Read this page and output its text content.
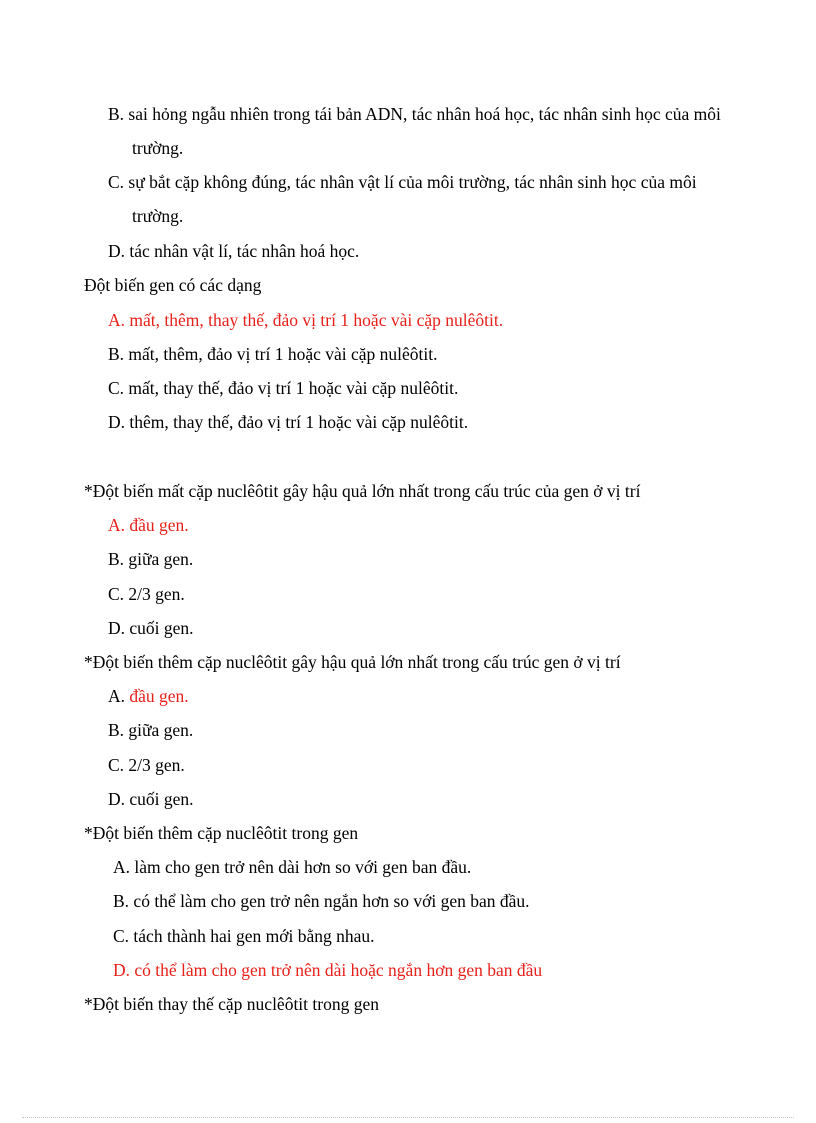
B. sai hỏng ngẫu nhiên trong tái bản ADN, tác nhân hoá học, tác nhân sinh học của môi
trường.
C. sự bắt cặp không đúng, tác nhân vật lí của môi trường, tác nhân sinh học của môi
trường.
D. tác nhân vật lí, tác nhân hoá học.
Đột biến gen có các dạng
A. mất, thêm, thay thế, đảo vị trí 1 hoặc vài cặp nulêôtit.
B. mất, thêm, đảo vị trí 1 hoặc vài cặp nulêôtit.
C. mất, thay thế, đảo vị trí 1 hoặc vài cặp nulêôtit.
D. thêm, thay thế, đảo vị trí 1 hoặc vài cặp nulêôtit.
*Đột biến mất cặp nuclêôtit gây hậu quả lớn nhất trong cấu trúc của gen ở vị trí
A. đầu gen.
B. giữa gen.
C. 2/3 gen.
D. cuối gen.
*Đột biến thêm cặp nuclêôtit gây hậu quả lớn nhất trong cấu trúc gen ở vị trí
A. đầu gen.
B. giữa gen.
C. 2/3 gen.
D. cuối gen.
*Đột biến thêm cặp nuclêôtit trong gen
A. làm cho gen trở nên dài hơn so với gen ban đầu.
B. có thể làm cho gen trở nên ngắn hơn so với gen ban đầu.
C. tách thành hai gen mới bằng nhau.
D. có thể làm cho gen trở nên dài hoặc ngắn hơn gen ban đầu
*Đột biến thay thế cặp nuclêôtit trong gen
